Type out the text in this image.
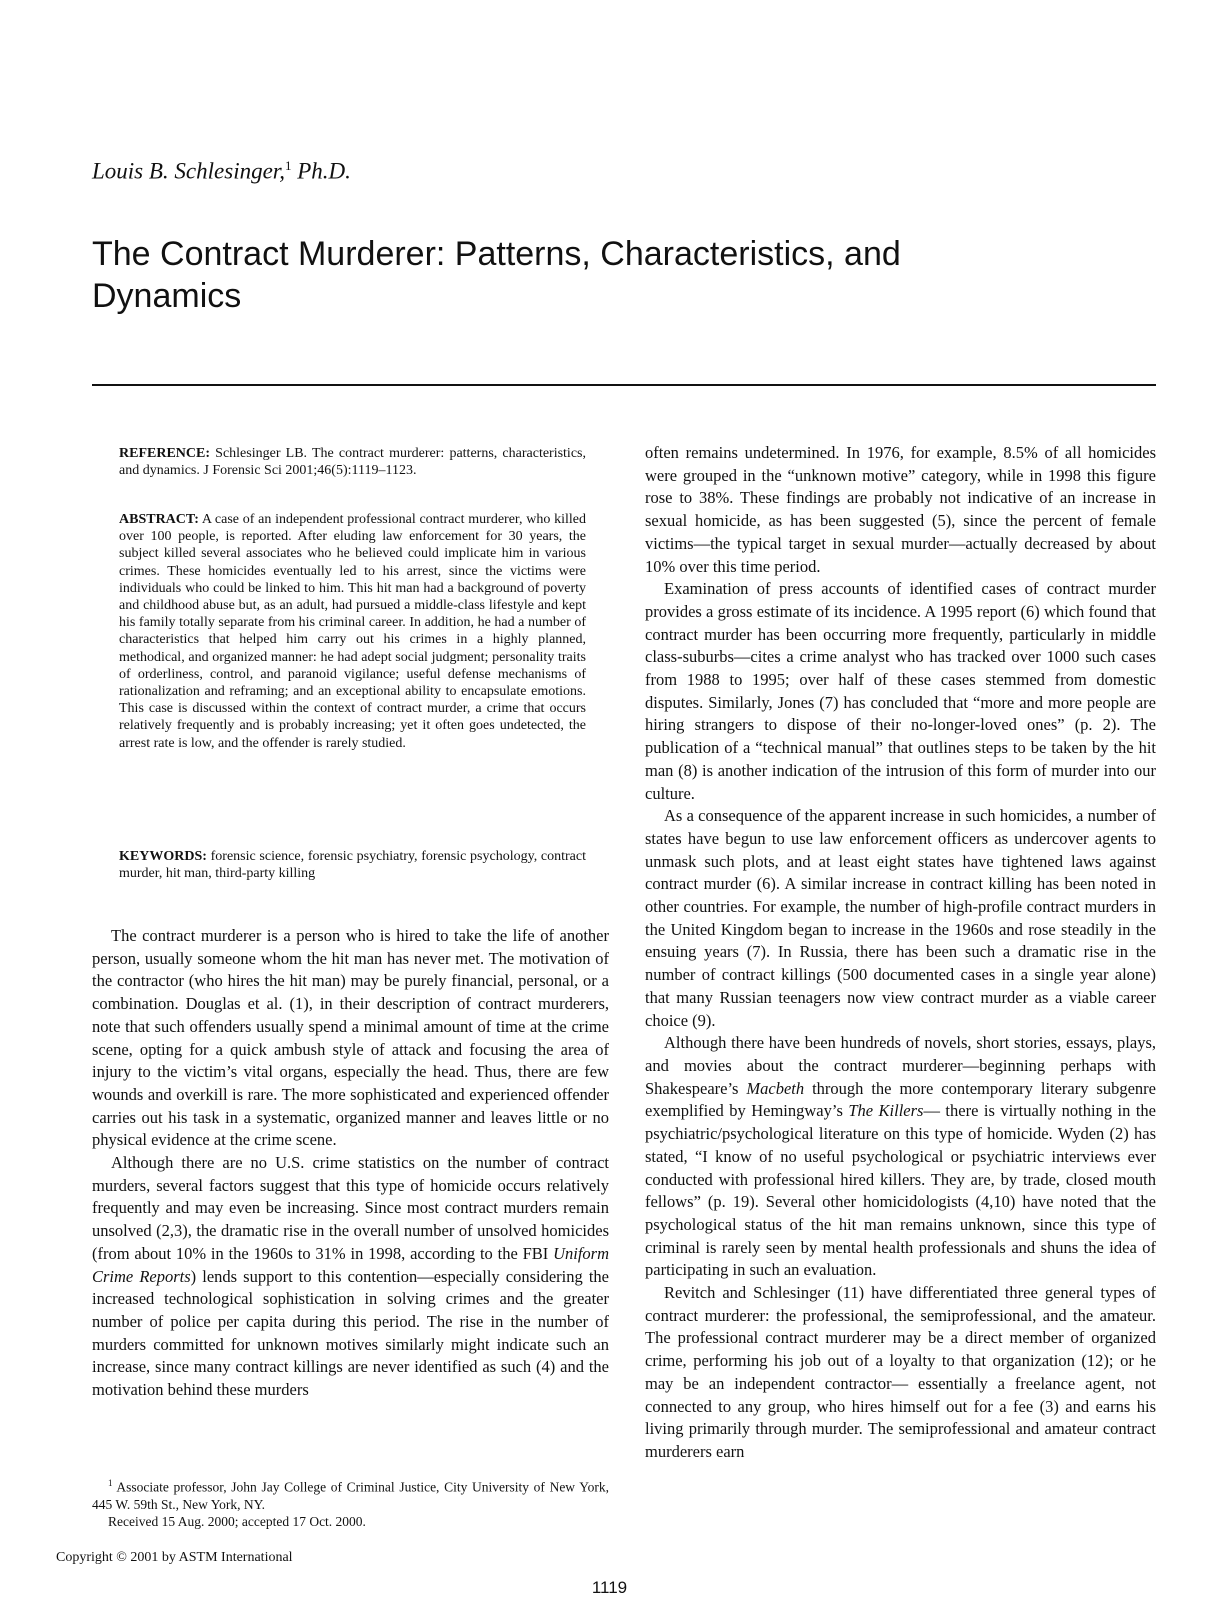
Louis B. Schlesinger,$^1$ Ph.D.
The Contract Murderer: Patterns, Characteristics, and Dynamics
REFERENCE: Schlesinger LB. The contract murderer: patterns, characteristics, and dynamics. J Forensic Sci 2001;46(5):1119–1123.
ABSTRACT: A case of an independent professional contract murderer, who killed over 100 people, is reported. After eluding law enforcement for 30 years, the subject killed several associates who he believed could implicate him in various crimes. These homicides eventually led to his arrest, since the victims were individuals who could be linked to him. This hit man had a background of poverty and childhood abuse but, as an adult, had pursued a middle-class lifestyle and kept his family totally separate from his criminal career. In addition, he had a number of characteristics that helped him carry out his crimes in a highly planned, methodical, and organized manner: he had adept social judgment; personality traits of orderliness, control, and paranoid vigilance; useful defense mechanisms of rationalization and reframing; and an exceptional ability to encapsulate emotions. This case is discussed within the context of contract murder, a crime that occurs relatively frequently and is probably increasing; yet it often goes undetected, the arrest rate is low, and the offender is rarely studied.
KEYWORDS: forensic science, forensic psychiatry, forensic psychology, contract murder, hit man, third-party killing

The contract murderer is a person who is hired to take the life of another person, usually someone whom the hit man has never met. The motivation of the contractor (who hires the hit man) may be purely financial, personal, or a combination. Douglas et al. (1), in their description of contract murderers, note that such offenders usually spend a minimal amount of time at the crime scene, opting for a quick ambush style of attack and focusing the area of injury to the victim’s vital organs, especially the head. Thus, there are few wounds and overkill is rare. The more sophisticated and experienced offender carries out his task in a systematic, organized manner and leaves little or no physical evidence at the crime scene.

Although there are no U.S. crime statistics on the number of contract murders, several factors suggest that this type of homicide occurs relatively frequently and may even be increasing. Since most contract murders remain unsolved (2,3), the dramatic rise in the overall number of unsolved homicides (from about 10% in the 1960s to 31% in 1998, according to the FBI Uniform Crime Reports) lends support to this contention—especially considering the increased technological sophistication in solving crimes and the greater number of police per capita during this period. The rise in the number of murders committed for unknown motives similarly might indicate such an increase, since many contract killings are never identified as such (4) and the motivation behind these murders

often remains undetermined. In 1976, for example, 8.5% of all homicides were grouped in the “unknown motive” category, while in 1998 this figure rose to 38%. These findings are probably not indicative of an increase in sexual homicide, as has been suggested (5), since the percent of female victims—the typical target in sexual murder—actually decreased by about 10% over this time period.

Examination of press accounts of identified cases of contract murder provides a gross estimate of its incidence. A 1995 report (6) which found that contract murder has been occurring more frequently, particularly in middle class-suburbs—cites a crime analyst who has tracked over 1000 such cases from 1988 to 1995; over half of these cases stemmed from domestic disputes. Similarly, Jones (7) has concluded that “more and more people are hiring strangers to dispose of their no-longer-loved ones” (p. 2). The publication of a “technical manual” that outlines steps to be taken by the hit man (8) is another indication of the intrusion of this form of murder into our culture.

As a consequence of the apparent increase in such homicides, a number of states have begun to use law enforcement officers as undercover agents to unmask such plots, and at least eight states have tightened laws against contract murder (6). A similar increase in contract killing has been noted in other countries. For example, the number of high-profile contract murders in the United Kingdom began to increase in the 1960s and rose steadily in the ensuing years (7). In Russia, there has been such a dramatic rise in the number of contract killings (500 documented cases in a single year alone) that many Russian teenagers now view contract murder as a viable career choice (9).

Although there have been hundreds of novels, short stories, essays, plays, and movies about the contract murderer—beginning perhaps with Shakespeare’s Macbeth through the more contemporary literary subgenre exemplified by Hemingway’s The Killers— there is virtually nothing in the psychiatric/psychological literature on this type of homicide. Wyden (2) has stated, “I know of no useful psychological or psychiatric interviews ever conducted with professional hired killers. They are, by trade, closed mouth fellows” (p. 19). Several other homicidologists (4,10) have noted that the psychological status of the hit man remains unknown, since this type of criminal is rarely seen by mental health professionals and shuns the idea of participating in such an evaluation.

Revitch and Schlesinger (11) have differentiated three general types of contract murderer: the professional, the semiprofessional, and the amateur. The professional contract murderer may be a direct member of organized crime, performing his job out of a loyalty to that organization (12); or he may be an independent contractor— essentially a freelance agent, not connected to any group, who hires himself out for a fee (3) and earns his living primarily through murder. The semiprofessional and amateur contract murderers earn

$^1$ Associate professor, John Jay College of Criminal Justice, City University of New York, 445 W. 59th St., New York, NY.

Received 15 Aug. 2000; accepted 17 Oct. 2000.

Copyright © 2001 by ASTM International
1119
